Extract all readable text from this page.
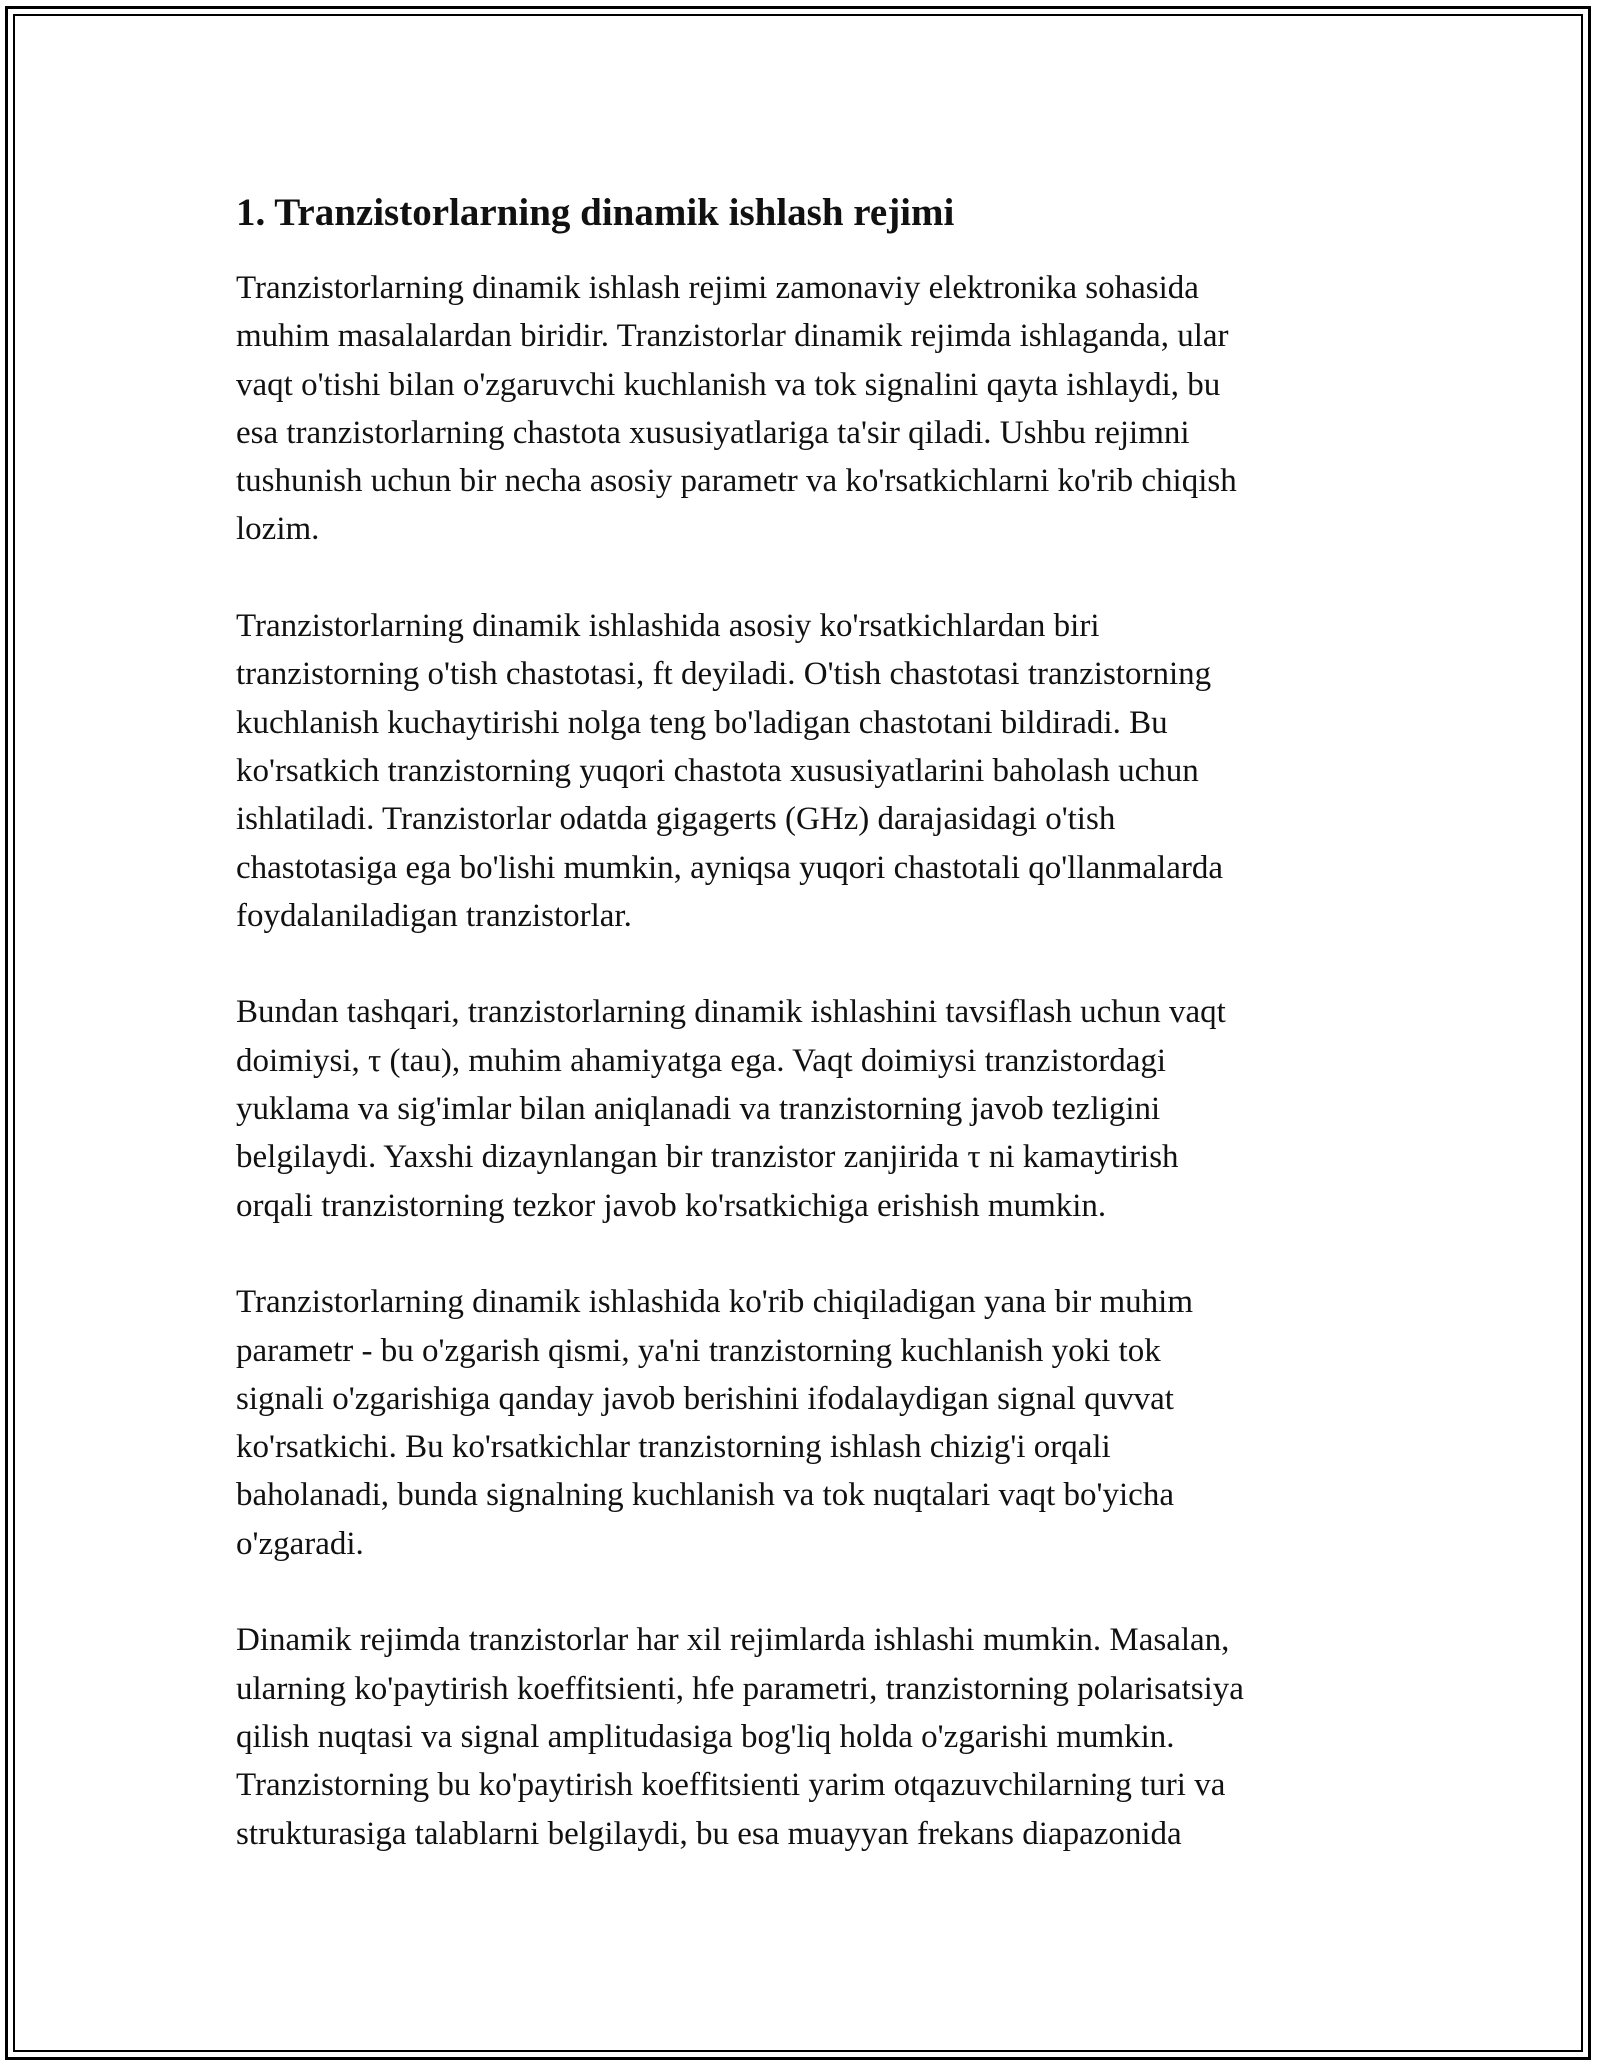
1. Tranzistorlarning dinamik ishlash rejimi

Tranzistorlarning dinamik ishlash rejimi zamonaviy elektronika sohasida
muhim masalalardan biridir. Tranzistorlar dinamik rejimda ishlaganda, ular
vaqt o'tishi bilan o'zgaruvchi kuchlanish va tok signalini qayta ishlaydi, bu
esa tranzistorlarning chastota xususiyatlariga ta'sir qiladi. Ushbu rejimni
tushunish uchun bir necha asosiy parametr va ko'rsatkichlarni ko'rib chiqish
lozim.

Tranzistorlarning dinamik ishlashida asosiy ko'rsatkichlardan biri
tranzistorning o'tish chastotasi, ft deyiladi. O'tish chastotasi tranzistorning
kuchlanish kuchaytirishi nolga teng bo'ladigan chastotani bildiradi. Bu
ko'rsatkich tranzistorning yuqori chastota xususiyatlarini baholash uchun
ishlatiladi. Tranzistorlar odatda gigagerts (GHz) darajasidagi o'tish
chastotasiga ega bo'lishi mumkin, ayniqsa yuqori chastotali qo'llanmalarda
foydalaniladigan tranzistorlar.

Bundan tashqari, tranzistorlarning dinamik ishlashini tavsiflash uchun vaqt
doimiysi, τ (tau), muhim ahamiyatga ega. Vaqt doimiysi tranzistordagi
yuklama va sig'imlar bilan aniqlanadi va tranzistorning javob tezligini
belgilaydi. Yaxshi dizaynlangan bir tranzistor zanjirida τ ni kamaytirish
orqali tranzistorning tezkor javob ko'rsatkichiga erishish mumkin.

Tranzistorlarning dinamik ishlashida ko'rib chiqiladigan yana bir muhim
parametr - bu o'zgarish qismi, ya'ni tranzistorning kuchlanish yoki tok
signali o'zgarishiga qanday javob berishini ifodalaydigan signal quvvat
ko'rsatkichi. Bu ko'rsatkichlar tranzistorning ishlash chizig'i orqali
baholanadi, bunda signalning kuchlanish va tok nuqtalari vaqt bo'yicha
o'zgaradi.

Dinamik rejimda tranzistorlar har xil rejimlarda ishlashi mumkin. Masalan,
ularning ko'paytirish koeffitsienti, hfe parametri, tranzistorning polarisatsiya
qilish nuqtasi va signal amplitudasiga bog'liq holda o'zgarishi mumkin.
Tranzistorning bu ko'paytirish koeffitsienti yarim otqazuvchilarning turi va
strukturasiga talablarni belgilaydi, bu esa muayyan frekans diapazonida
